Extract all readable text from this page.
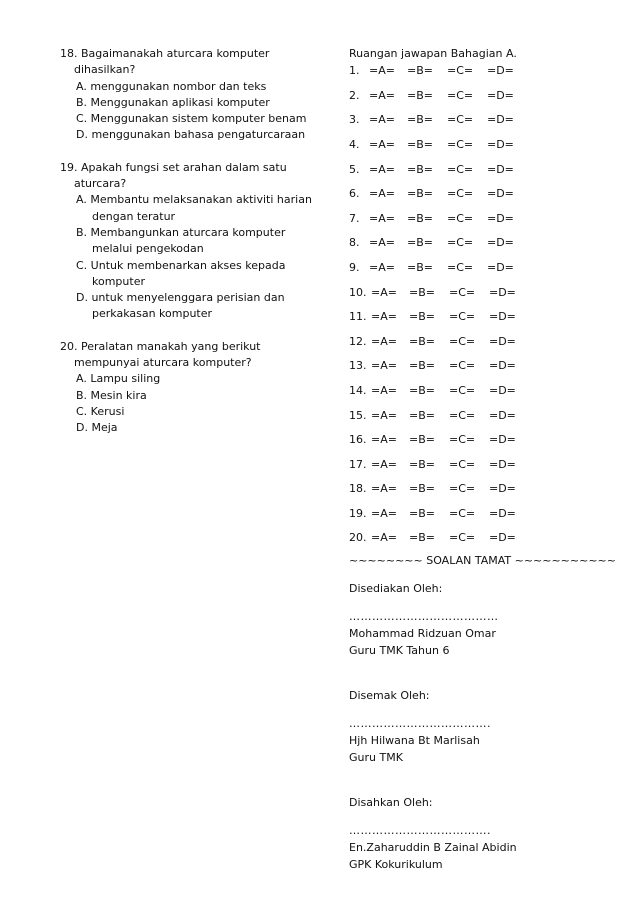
18. Bagaimanakah aturcara komputer
dihasilkan?
A. menggunakan nombor dan teks
B. Menggunakan aplikasi komputer
C. Menggunakan sistem komputer benam
D. menggunakan bahasa pengaturcaraan
19. Apakah fungsi set arahan dalam satu
aturcara?
A. Membantu melaksanakan aktiviti harian
dengan teratur
B. Membangunkan aturcara komputer
melalui pengekodan
C. Untuk membenarkan akses kepada
komputer
D. untuk menyelenggara perisian dan
perkakasan komputer
20. Peralatan manakah yang berikut
mempunyai aturcara komputer?
A. Lampu siling
B. Mesin kira
C. Kerusi
D. Meja
Ruangan jawapan Bahagian A.
1. =A=	=B=	=C=	=D=
2. =A=	=B=	=C=	=D=
3. =A=	=B=	=C=	=D=
4. =A=	=B=	=C=	=D=
5. =A=	=B=	=C=	=D=
6. =A=	=B=	=C=	=D=
7. =A=	=B=	=C=	=D=
8. =A=	=B=	=C=	=D=
9. =A=	=B=	=C=	=D=
10. =A=	=B=	=C=	=D=
11. =A=	=B=	=C=	=D=
12. =A=	=B=	=C=	=D=
13. =A=	=B=	=C=	=D=
14. =A=	=B=	=C=	=D=
15. =A=	=B=	=C=	=D=
16. =A=	=B=	=C=	=D=
17. =A=	=B=	=C=	=D=
18. =A=	=B=	=C=	=D=
19. =A=	=B=	=C=	=D=
20. =A=	=B=	=C=	=D=
~~~~~~~~ SOALAN TAMAT ~~~~~~~~~~~
Disediakan Oleh:
…………………………………
Mohammad Ridzuan Omar
Guru TMK Tahun 6
Disemak Oleh:
……………………………….
Hjh Hilwana Bt Marlisah
Guru TMK
Disahkan Oleh:
……………………………….
En.Zaharuddin B Zainal Abidin
GPK Kokurikulum
